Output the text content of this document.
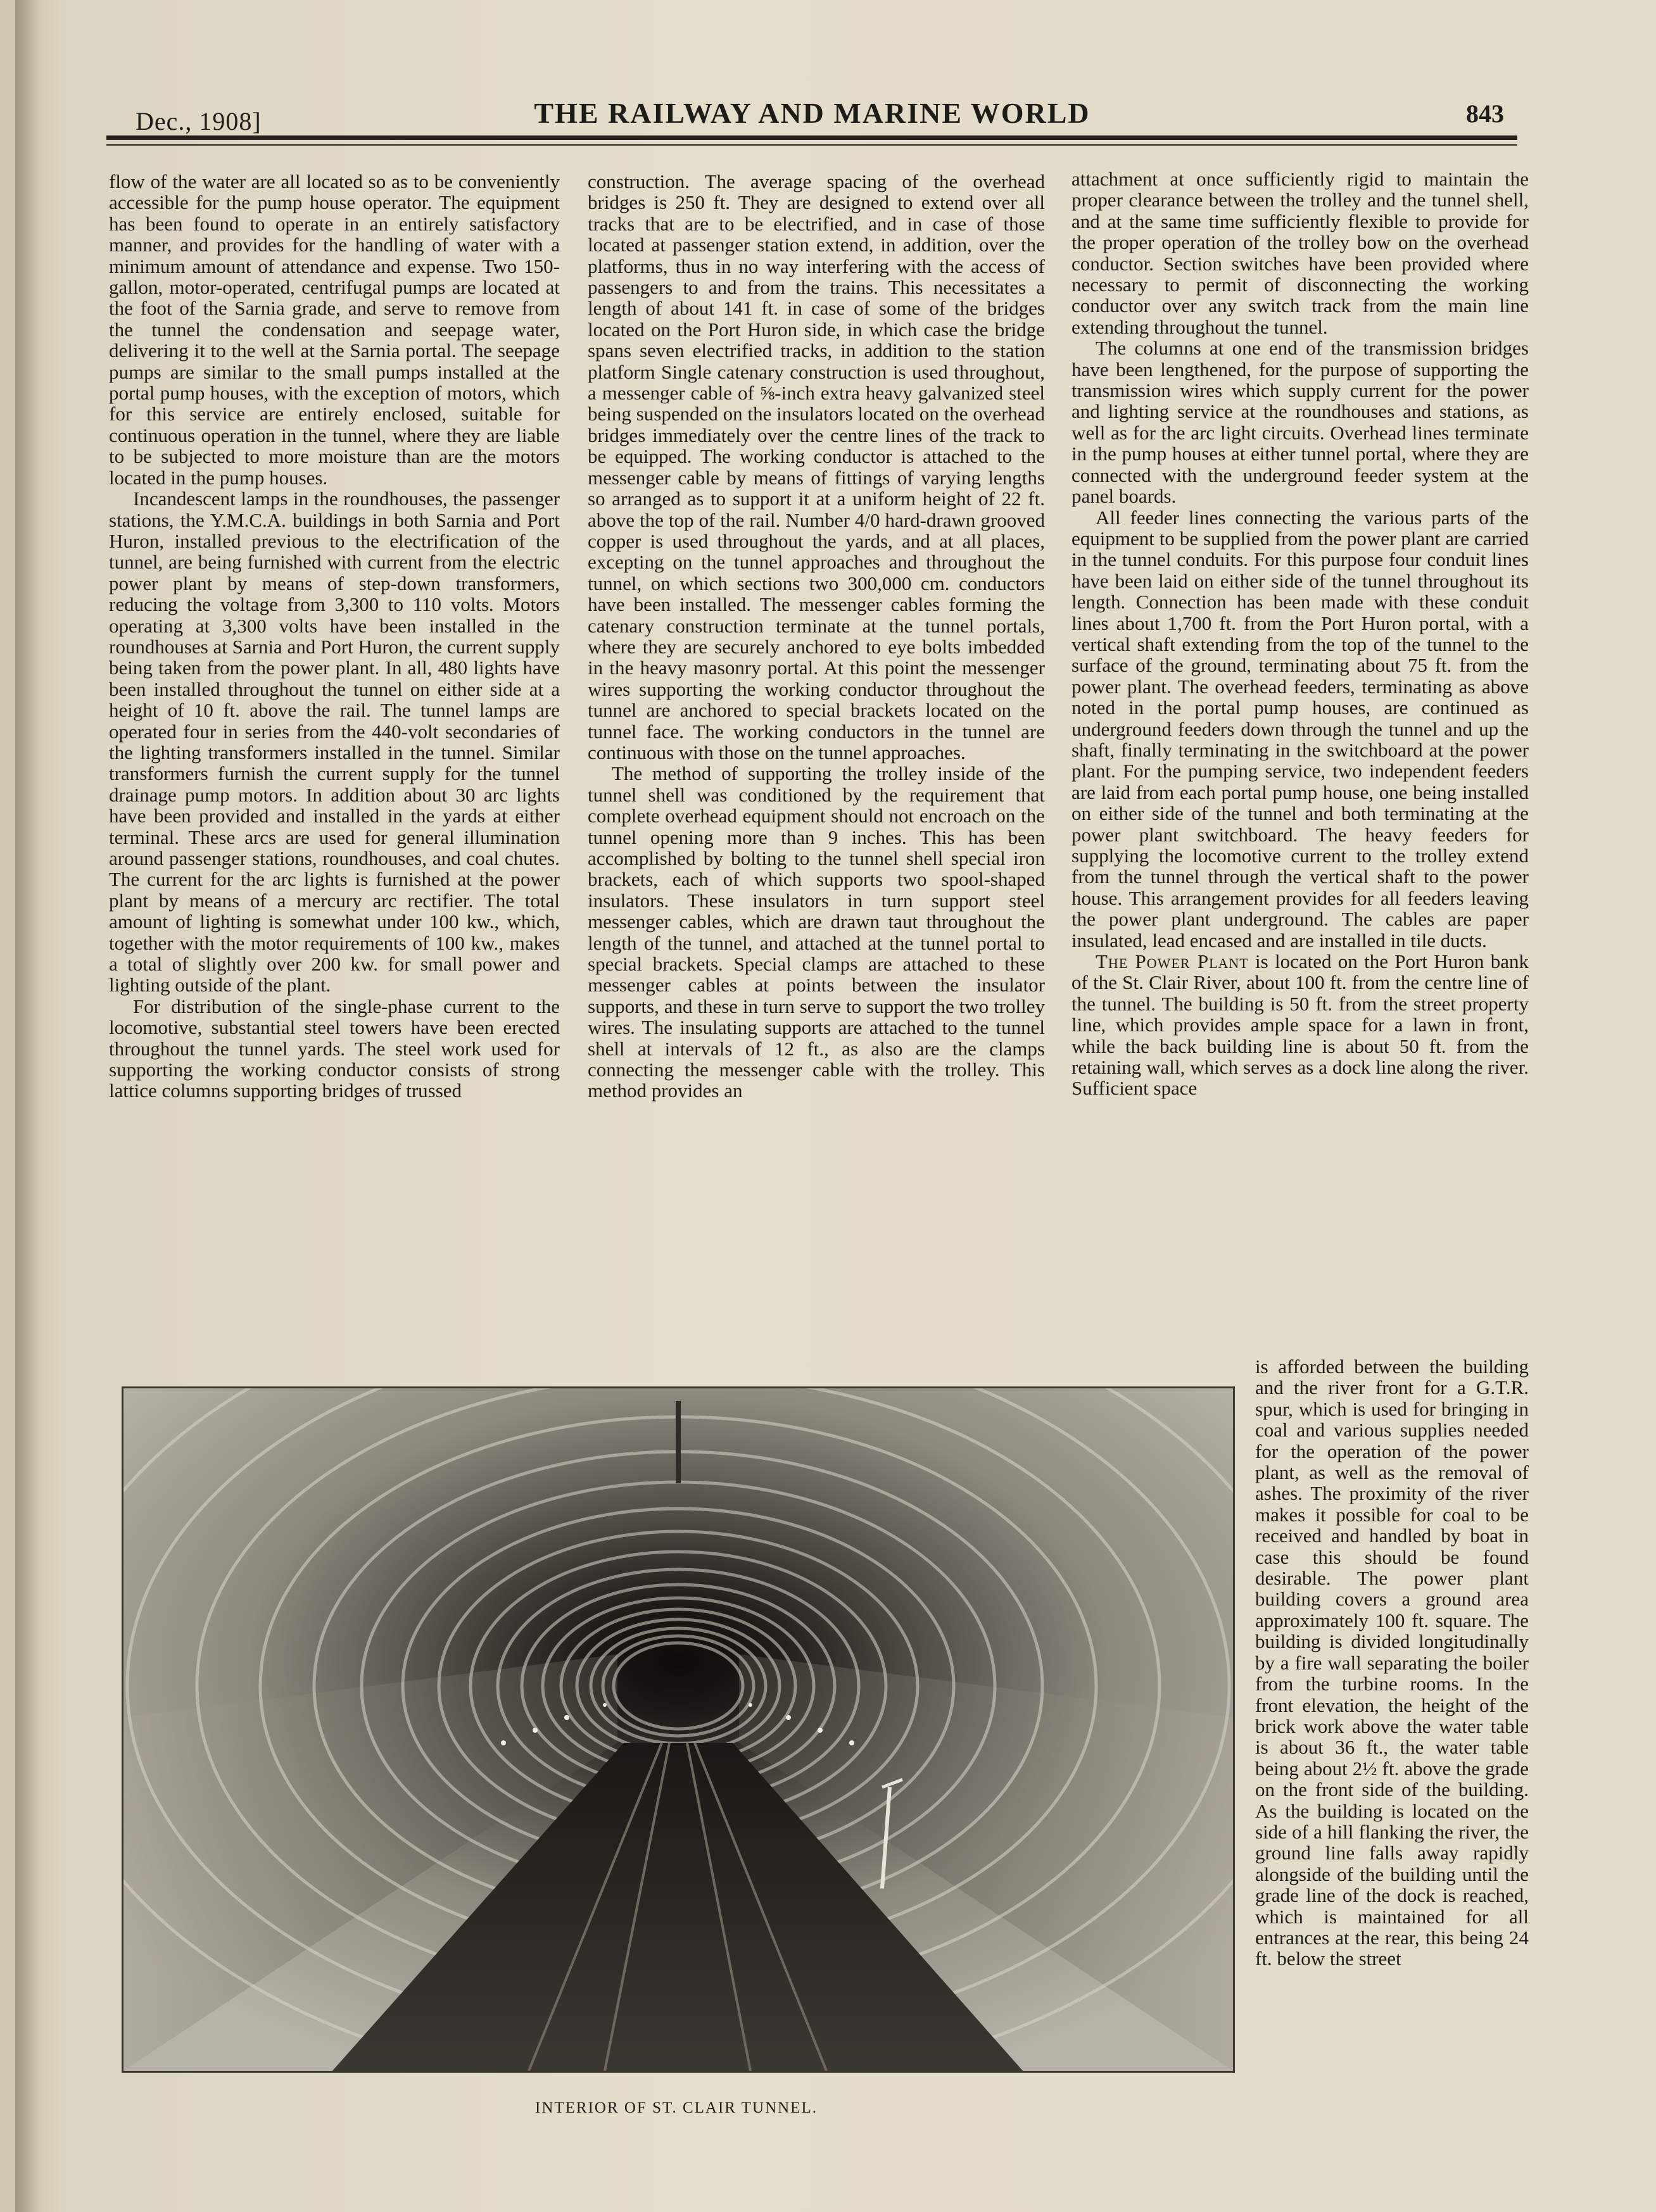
Dec., 1908]	THE RAILWAY AND MARINE WORLD	843

flow of the water are all located so as to be conveniently accessible for the pump house operator. The equipment has been found to operate in an entirely satisfactory manner, and provides for the handling of water with a minimum amount of attendance and expense. Two 150-gallon, motor-operated, centrifugal pumps are located at the foot of the Sarnia grade, and serve to remove from the tunnel the condensation and seepage water, delivering it to the well at the Sarnia portal. The seepage pumps are similar to the small pumps installed at the portal pump houses, with the exception of motors, which for this service are entirely enclosed, suitable for continuous operation in the tunnel, where they are liable to be subjected to more moisture than are the motors located in the pump houses.

Incandescent lamps in the roundhouses, the passenger stations, the Y.M.C.A. buildings in both Sarnia and Port Huron, installed previous to the electrification of the tunnel, are being furnished with current from the electric power plant by means of step-down transformers, reducing the voltage from 3,300 to 110 volts. Motors operating at 3,300 volts have been installed in the roundhouses at Sarnia and Port Huron, the current supply being taken from the power plant. In all, 480 lights have been installed throughout the tunnel on either side at a height of 10 ft. above the rail. The tunnel lamps are operated four in series from the 440-volt secondaries of the lighting transformers installed in the tunnel. Similar transformers furnish the current supply for the tunnel drainage pump motors. In addition about 30 arc lights have been provided and installed in the yards at either terminal. These arcs are used for general illumination around passenger stations, roundhouses, and coal chutes. The current for the arc lights is furnished at the power plant by means of a mercury arc rectifier. The total amount of lighting is somewhat under 100 kw., which, together with the motor requirements of 100 kw., makes a total of slightly over 200 kw. for small power and lighting outside of the plant.

For distribution of the single-phase current to the locomotive, substantial steel towers have been erected throughout the tunnel yards. The steel work used for supporting the working conductor consists of strong lattice columns supporting bridges of trussed

construction. The average spacing of the overhead bridges is 250 ft. They are designed to extend over all tracks that are to be electrified, and in case of those located at passenger station extend, in addition, over the platforms, thus in no way interfering with the access of passengers to and from the trains. This necessitates a length of about 141 ft. in case of some of the bridges located on the Port Huron side, in which case the bridge spans seven electrified tracks, in addition to the station platform Single catenary construction is used throughout, a messenger cable of ⅝-inch extra heavy galvanized steel being suspended on the insulators located on the overhead bridges immediately over the centre lines of the track to be equipped. The working conductor is attached to the messenger cable by means of fittings of varying lengths so arranged as to support it at a uniform height of 22 ft. above the top of the rail. Number 4/0 hard-drawn grooved copper is used throughout the yards, and at all places, excepting on the tunnel approaches and throughout the tunnel, on which sections two 300,000 cm. conductors have been installed. The messenger cables forming the catenary construction terminate at the tunnel portals, where they are securely anchored to eye bolts imbedded in the heavy masonry portal. At this point the messenger wires supporting the working conductor throughout the tunnel are anchored to special brackets located on the tunnel face. The working conductors in the tunnel are continuous with those on the tunnel approaches.

The method of supporting the trolley inside of the tunnel shell was conditioned by the requirement that complete overhead equipment should not encroach on the tunnel opening more than 9 inches. This has been accomplished by bolting to the tunnel shell special iron brackets, each of which supports two spool-shaped insulators. These insulators in turn support steel messenger cables, which are drawn taut throughout the length of the tunnel, and attached at the tunnel portal to special brackets. Special clamps are attached to these messenger cables at points between the insulator supports, and these in turn serve to support the two trolley wires. The insulating supports are attached to the tunnel shell at intervals of 12 ft., as also are the clamps connecting the messenger cable with the trolley. This method provides an

attachment at once sufficiently rigid to maintain the proper clearance between the trolley and the tunnel shell, and at the same time sufficiently flexible to provide for the proper operation of the trolley bow on the overhead conductor. Section switches have been provided where necessary to permit of disconnecting the working conductor over any switch track from the main line extending throughout the tunnel.

The columns at one end of the transmission bridges have been lengthened, for the purpose of supporting the transmission wires which supply current for the power and lighting service at the roundhouses and stations, as well as for the arc light circuits. Overhead lines terminate in the pump houses at either tunnel portal, where they are connected with the underground feeder system at the panel boards.

All feeder lines connecting the various parts of the equipment to be supplied from the power plant are carried in the tunnel conduits. For this purpose four conduit lines have been laid on either side of the tunnel throughout its length. Connection has been made with these conduit lines about 1,700 ft. from the Port Huron portal, with a vertical shaft extending from the top of the tunnel to the surface of the ground, terminating about 75 ft. from the power plant. The overhead feeders, terminating as above noted in the portal pump houses, are continued as underground feeders down through the tunnel and up the shaft, finally terminating in the switchboard at the power plant. For the pumping service, two independent feeders are laid from each portal pump house, one being installed on either side of the tunnel and both terminating at the power plant switchboard. The heavy feeders for supplying the locomotive current to the trolley extend from the tunnel through the vertical shaft to the power house. This arrangement provides for all feeders leaving the power plant underground. The cables are paper insulated, lead encased and are installed in tile ducts.

The Power Plant is located on the Port Huron bank of the St. Clair River, about 100 ft. from the centre line of the tunnel. The building is 50 ft. from the street property line, which provides ample space for a lawn in front, while the back building line is about 50 ft. from the retaining wall, which serves as a dock line along the river. Sufficient space

is afforded between the building and the river front for a G.T.R. spur, which is used for bringing in coal and various supplies needed for the operation of the power plant, as well as the removal of ashes. The proximity of the river makes it possible for coal to be received and handled by boat in case this should be found desirable. The power plant building covers a ground area approximately 100 ft. square. The building is divided longitudinally by a fire wall separating the boiler from the turbine rooms. In the front elevation, the height of the brick work above the water table is about 36 ft., the water table being about 2½ ft. above the grade on the front side of the building. As the building is located on the side of a hill flanking the river, the ground line falls away rapidly alongside of the building until the grade line of the dock is reached, which is maintained for all entrances at the rear, this being 24 ft. below the street

INTERIOR OF ST. CLAIR TUNNEL.
